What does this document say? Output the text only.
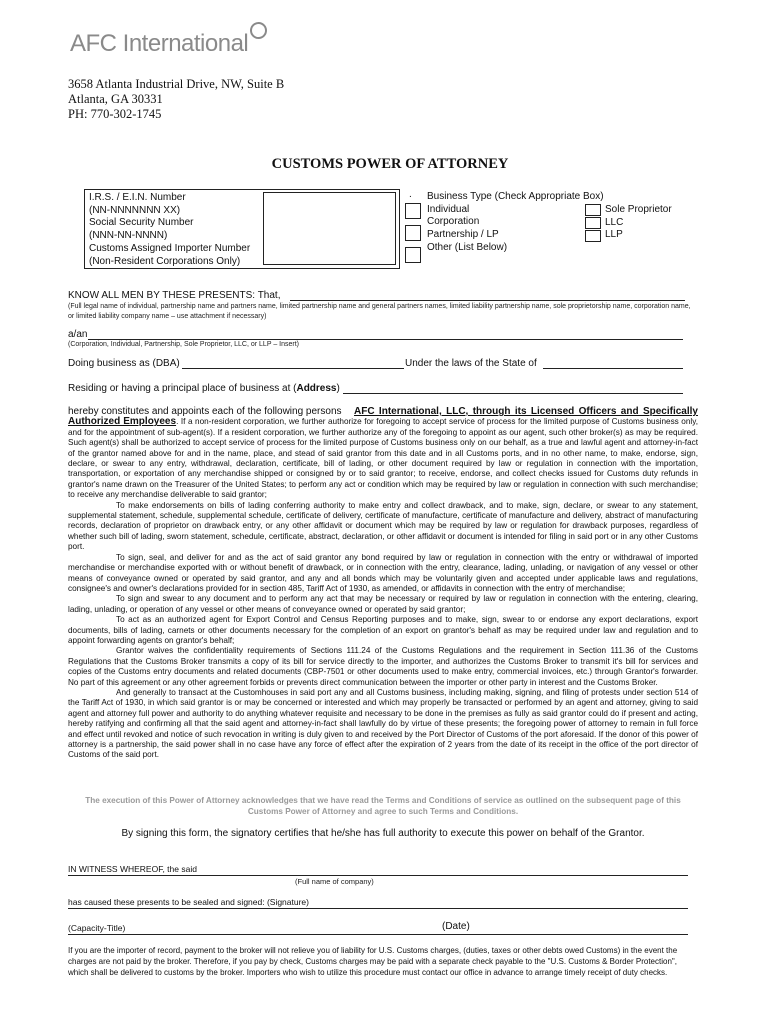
AFC International
3658 Atlanta Industrial Drive, NW, Suite B
Atlanta, GA 30331
PH: 770-302-1745
CUSTOMS POWER OF ATTORNEY
I.R.S. / E.I.N. Number
(NN-NNNNNNN XX)
Social Security Number
(NNN-NN-NNNN)
Customs Assigned Importer Number
(Non-Resident Corporations Only)
. Business Type (Check Appropriate Box)
Individual
Corporation
Partnership / LP
Other (List Below)
Sole Proprietor
LLC
LLP
KNOW ALL MEN BY THESE PRESENTS: That,
(Full legal name of individual, partnership name and partners name, limited partnership name and general partners names, limited liability partnership name, sole proprietorship name, corporation name, or limited liability company name – use attachment if necessary)
a/an
(Corporation, Individual, Partnership, Sole Proprietor, LLC, or LLP – Insert)
Doing business as (DBA)	Under the laws of the State of
Residing or having a principal place of business at (Address)
hereby constitutes and appoints each of the following persons	AFC International, LLC, through its Licensed Officers and Specifically Authorized Employees. If a non-resident corporation, we further authorize for foregoing to accept service of process for the limited purpose of Customs business only, and for the appointment of sub-agent(s). If a resident corporation, we further authorize any of the foregoing to appoint as our agent, such other broker(s) as may be required. Such agent(s) shall be authorized to accept service of process for the limited purpose of Customs business only on our behalf, as a true and lawful agent and attorney-in-fact of the grantor named above for and in the name, place, and stead of said grantor from this date and in all Customs ports, and in no other name, to make, endorse, sign, declare, or swear to any entry, withdrawal, declaration, certificate, bill of lading, or other document required by law or regulation in connection with the importation, transportation, or exportation of any merchandise shipped or consigned by or to said grantor; to receive, endorse, and collect checks issued for Customs duty refunds in grantor's name drawn on the Treasurer of the United States; to perform any act or condition which may be required by law or regulation in connection with such merchandise; to receive any merchandise deliverable to said grantor;

To make endorsements on bills of lading conferring authority to make entry and collect drawback, and to make, sign, declare, or swear to any statement, supplemental statement, schedule, supplemental schedule, certificate of delivery, certificate of manufacture, certificate of manufacture and delivery, abstract of manufacturing records, declaration of proprietor on drawback entry, or any other affidavit or document which may be required by law or regulation for drawback purposes, regardless of whether such bill of lading, sworn statement, schedule, certificate, abstract, declaration, or other affidavit or document is intended for filing in said port or in any other Customs port.

To sign, seal, and deliver for and as the act of said grantor any bond required by law or regulation in connection with the entry or withdrawal of imported merchandise or merchandise exported with or without benefit of drawback, or in connection with the entry, clearance, lading, unlading, or navigation of any vessel or other means of conveyance owned or operated by said grantor, and any and all bonds which may be voluntarily given and accepted under applicable laws and regulations, consignee's and owner's declarations provided for in section 485, Tariff Act of 1930, as amended, or affidavits in connection with the entry of merchandise;

To sign and swear to any document and to perform any act that may be necessary or required by law or regulation in connection with the entering, clearing, lading, unlading, or operation of any vessel or other means of conveyance owned or operated by said grantor;

To act as an authorized agent for Export Control and Census Reporting purposes and to make, sign, swear to or endorse any export declarations, export documents, bills of lading, carnets or other documents necessary for the completion of an export on grantor's behalf as may be required under law and regulation and to appoint forwarding agents on grantor's behalf;

Grantor waives the confidentiality requirements of Sections 111.24 of the Customs Regulations and the requirement in Section 111.36 of the Customs Regulations that the Customs Broker transmits a copy of its bill for service directly to the importer, and authorizes the Customs Broker to transmit it's bill for services and copies of the Customs entry documents and related documents (CBP-7501 or other documents used to make entry, commercial invoices, etc.) through Grantor's forwarder. No part of this agreement or any other agreement forbids or prevents direct communication between the importer or other party in interest and the Customs Broker.

And generally to transact at the Customhouses in said port any and all Customs business, including making, signing, and filing of protests under section 514 of the Tariff Act of 1930, in which said grantor is or may be concerned or interested and which may properly be transacted or performed by an agent and attorney, giving to said agent and attorney full power and authority to do anything whatever requisite and necessary to be done in the premises as fully as said grantor could do if present and acting, hereby ratifying and confirming all that the said agent and attorney-in-fact shall lawfully do by virtue of these presents; the foregoing power of attorney to remain in full force and effect until revoked and notice of such revocation in writing is duly given to and received by the Port Director of Customs of the port aforesaid. If the donor of this power of attorney is a partnership, the said power shall in no case have any force of effect after the expiration of 2 years from the date of its receipt in the office of the port director of Customs of the said port.

The execution of this Power of Attorney acknowledges that we have read the Terms and Conditions of service as outlined on the subsequent page of this Customs Power of Attorney and agree to such Terms and Conditions.
By signing this form, the signatory certifies that he/she has full authority to execute this power on behalf of the Grantor.
IN WITNESS WHEREOF, the said
(Full name of company)
has caused these presents to be sealed and signed: (Signature)
(Capacity-Title)	(Date)
If you are the importer of record, payment to the broker will not relieve you of liability for U.S. Customs charges, (duties, taxes or other debts owed Customs) in the event the charges are not paid by the broker. Therefore, if you pay by check, Customs charges may be paid with a separate check payable to the "U.S. Customs & Border Protection", which shall be delivered to customs by the broker. Importers who wish to utilize this procedure must contact our office in advance to arrange timely receipt of duty checks.
